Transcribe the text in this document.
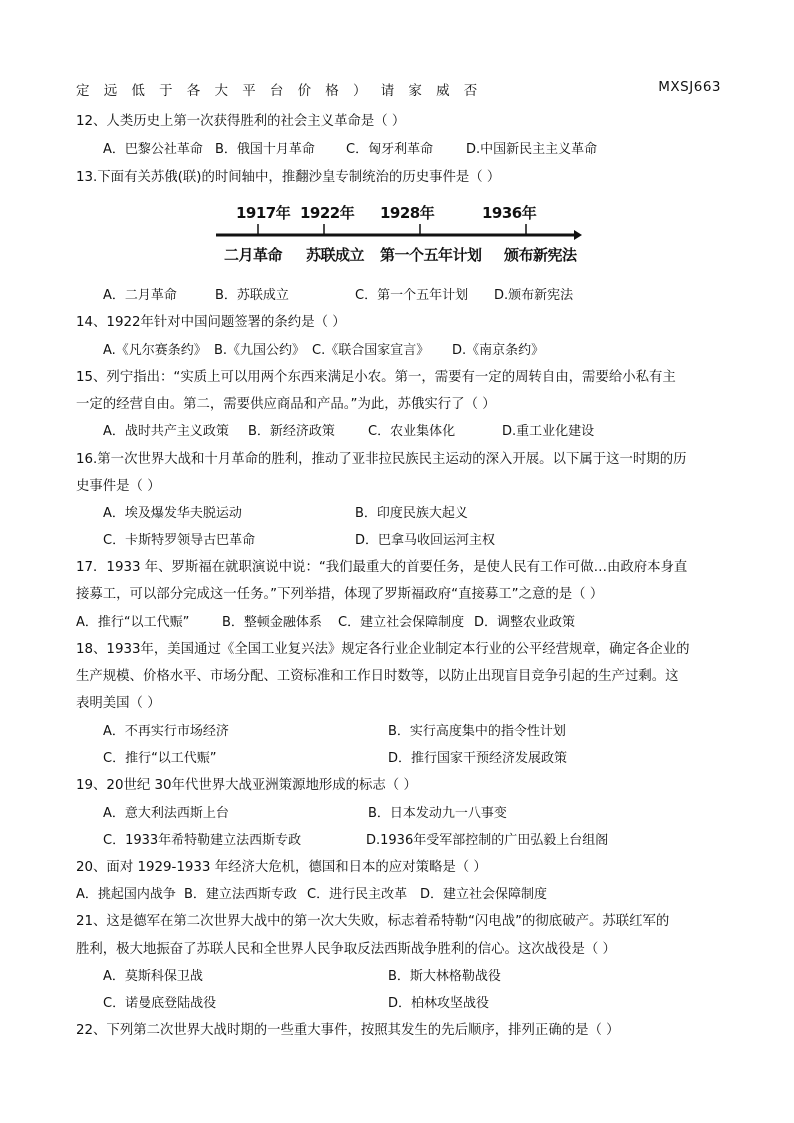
定远低于各大平台价格）请家威否	MXSJ663
12、人类历史上第一次获得胜利的社会主义革命是（ ）
A．巴黎公社革命 B．俄国十月革命 C．匈牙利革命	D.中国新民主主义革命
13.下面有关苏俄(联)的时间轴中，推翻沙皇专制统治的历史事件是（ ）
1917年 1922年 1928年	1936年
二月革命 苏联成立 第一个五年计划 颁布新宪法
A．二月革命	B．苏联成立	C．第一个五年计划 D.颁布新宪法
14、1922年针对中国问题签署的条约是（ ）
A.《凡尔赛条约》 B.《九国公约》 C.《联合国家宣言》 D.《南京条约》
15、列宁指出：“实质上可以用两个东西来满足小农。第一，需要有一定的周转自由，需要给小私有主
一定的经营自由。第二，需要供应商品和产品。”为此，苏俄实行了（ ）
A．战时共产主义政策 B．新经济政策	C．农业集体化	D.重工业化建设
16.第一次世界大战和十月革命的胜利，推动了亚非拉民族民主运动的深入开展。以下属于这一时期的历
史事件是（ ）
A．埃及爆发华夫脱运动	B．印度民族大起义
C．卡斯特罗领导古巴革命	D．巴拿马收回运河主权
17．1933 年、罗斯福在就职演说中说：“我们最重大的首要任务，是使人民有工作可做…由政府本身直
接募工，可以部分完成这一任务。”下列举措，体现了罗斯福政府“直接募工”之意的是（ ）
A．推行“以工代赈”	B．整顿金融体系 C．建立社会保障制度 D．调整农业政策
18、1933年，美国通过《全国工业复兴法》规定各行业企业制定本行业的公平经营规章，确定各企业的
生产规模、价格水平、市场分配、工资标准和工作日时数等，以防止出现盲目竞争引起的生产过剩。这
表明美国（ ）
A．不再实行市场经济	B．实行高度集中的指令性计划
C．推行“以工代赈”	D．推行国家干预经济发展政策
19、20世纪 30年代世界大战亚洲策源地形成的标志（ ）
A．意大利法西斯上台	B．日本发动九一八事变
C．1933年希特勒建立法西斯专政	D.1936年受军部控制的广田弘毅上台组阁
20、面对 1929-1933 年经济大危机，德国和日本的应对策略是（ ）
A．挑起国内战争 B．建立法西斯专政 C．进行民主改革 D．建立社会保障制度
21、这是德军在第二次世界大战中的第一次大失败，标志着希特勒“闪电战”的彻底破产。苏联红军的
胜利，极大地振奋了苏联人民和全世界人民争取反法西斯战争胜利的信心。这次战役是（ ）
A．莫斯科保卫战	B．斯大林格勒战役
C．诺曼底登陆战役	D．柏林攻坚战役
22、下列第二次世界大战时期的一些重大事件，按照其发生的先后顺序，排列正确的是（ ）
